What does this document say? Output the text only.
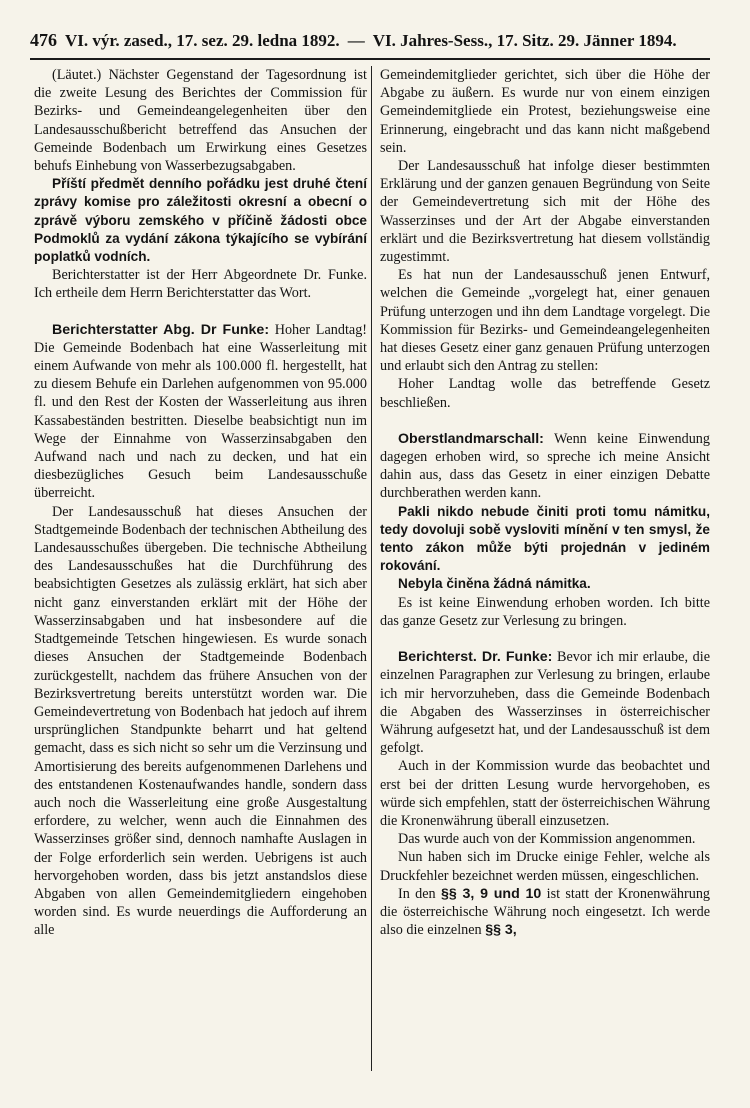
476 VI. výr. zased., 17. sez. 29. ledna 1892. — VI. Jahres-Sess., 17. Sitz. 29. Jänner 1894.

(Läutet.) Nächster Gegenstand der Tagesordnung ist die zweite Lesung des Berichtes der Commission für Bezirks- und Gemeindeangelegenheiten über den Landesausschußbericht betreffend das Ansuchen der Gemeinde Bodenbach um Erwirkung eines Gesetzes behufs Einhebung von Wasserbezugsabgaben.

Příští předmět denního pořádku jest druhé čtení zprávy komise pro záležitosti okresní a obecní o zprávě výboru zemského v příčině žádosti obce Podmoklů za vydání zákona týkajícího se vybírání poplatků vodních.

Berichterstatter ist der Herr Abgeordnete Dr. Funke. Ich ertheile dem Herrn Berichterstatter das Wort.

Berichterstatter Abg. Dr Funke: Hoher Landtag! Die Gemeinde Bodenbach hat eine Wasserleitung mit einem Aufwande von mehr als 100.000 fl. hergestellt, hat zu diesem Behufe ein Darlehen aufgenommen von 95.000 fl. und den Rest der Kosten der Wasserleitung aus ihren Kassabeständen bestritten. Dieselbe beabsichtigt nun im Wege der Einnahme von Wasserzinsabgaben den Aufwand nach und nach zu decken, und hat ein diesbezügliches Gesuch beim Landesausschuße überreicht.

Der Landesausschuß hat dieses Ansuchen der Stadtgemeinde Bodenbach der technischen Abtheilung des Landesausschußes übergeben. Die technische Abtheilung des Landesausschußes hat die Durchführung des beabsichtigten Gesetzes als zulässig erklärt, hat sich aber nicht ganz einverstanden erklärt mit der Höhe der Wasserzinsabgaben und hat insbesondere auf die Stadtgemeinde Tetschen hingewiesen. Es wurde sonach dieses Ansuchen der Stadtgemeinde Bodenbach zurückgestellt, nachdem das frühere Ansuchen von der Bezirksvertretung bereits unterstützt worden war. Die Gemeindevertretung von Bodenbach hat jedoch auf ihrem ursprünglichen Standpunkte beharrt und hat geltend gemacht, dass es sich nicht so sehr um die Verzinsung und Amortisierung des bereits aufgenommenen Darlehens und des entstandenen Kostenaufwandes handle, sondern dass auch noch die Wasserleitung eine große Ausgestaltung erfordere, zu welcher, wenn auch die Einnahmen des Wasserzinses größer sind, dennoch namhafte Auslagen in der Folge erforderlich sein werden. Uebrigens ist auch hervorgehoben worden, dass bis jetzt anstandslos diese Abgaben von allen Gemeindemitgliedern eingehoben worden sind. Es wurde neuerdings die Aufforderung an alle

Gemeindemitglieder gerichtet, sich über die Höhe der Abgabe zu äußern. Es wurde nur von einem einzigen Gemeindemitgliede ein Protest, beziehungsweise eine Erinnerung, eingebracht und das kann nicht maßgebend sein.

Der Landesausschuß hat infolge dieser bestimmten Erklärung und der ganzen genauen Begründung von Seite der Gemeindevertretung sich mit der Höhe des Wasserzinses und der Art der Abgabe einverstanden erklärt und die Bezirksvertretung hat diesem vollständig zugestimmt.

Es hat nun der Landesausschuß jenen Entwurf, welchen die Gemeinde „vorgelegt hat, einer genauen Prüfung unterzogen und ihn dem Landtage vorgelegt. Die Kommission für Bezirks- und Gemeindeangelegenheiten hat dieses Gesetz einer ganz genauen Prüfung unterzogen und erlaubt sich den Antrag zu stellen:

Hoher Landtag wolle das betreffende Gesetz beschließen.

Oberstlandmarschall: Wenn keine Einwendung dagegen erhoben wird, so spreche ich meine Ansicht dahin aus, dass das Gesetz in einer einzigen Debatte durchberathen werden kann.

Pakli nikdo nebude činiti proti tomu námitku, tedy dovoluji sobě vysloviti mínění v ten smysl, že tento zákon může býti projednán v jediném rokování.

Nebyla činěna žádná námitka.

Es ist keine Einwendung erhoben worden. Ich bitte das ganze Gesetz zur Verlesung zu bringen.

Berichterst. Dr. Funke: Bevor ich mir erlaube, die einzelnen Paragraphen zur Verlesung zu bringen, erlaube ich mir hervorzuheben, dass die Gemeinde Bodenbach die Abgaben des Wasserzinses in österreichischer Währung aufgesetzt hat, und der Landesausschuß ist dem gefolgt.

Auch in der Kommission wurde das beobachtet und erst bei der dritten Lesung wurde hervorgehoben, es würde sich empfehlen, statt der österreichischen Währung die Kronenwährung überall einzusetzen.

Das wurde auch von der Kommission angenommen.

Nun haben sich im Drucke einige Fehler, welche als Druckfehler bezeichnet werden müssen, eingeschlichen.

In den §§ 3, 9 und 10 ist statt der Kronenwährung die österreichische Währung noch eingesetzt. Ich werde also die einzelnen §§ 3,
